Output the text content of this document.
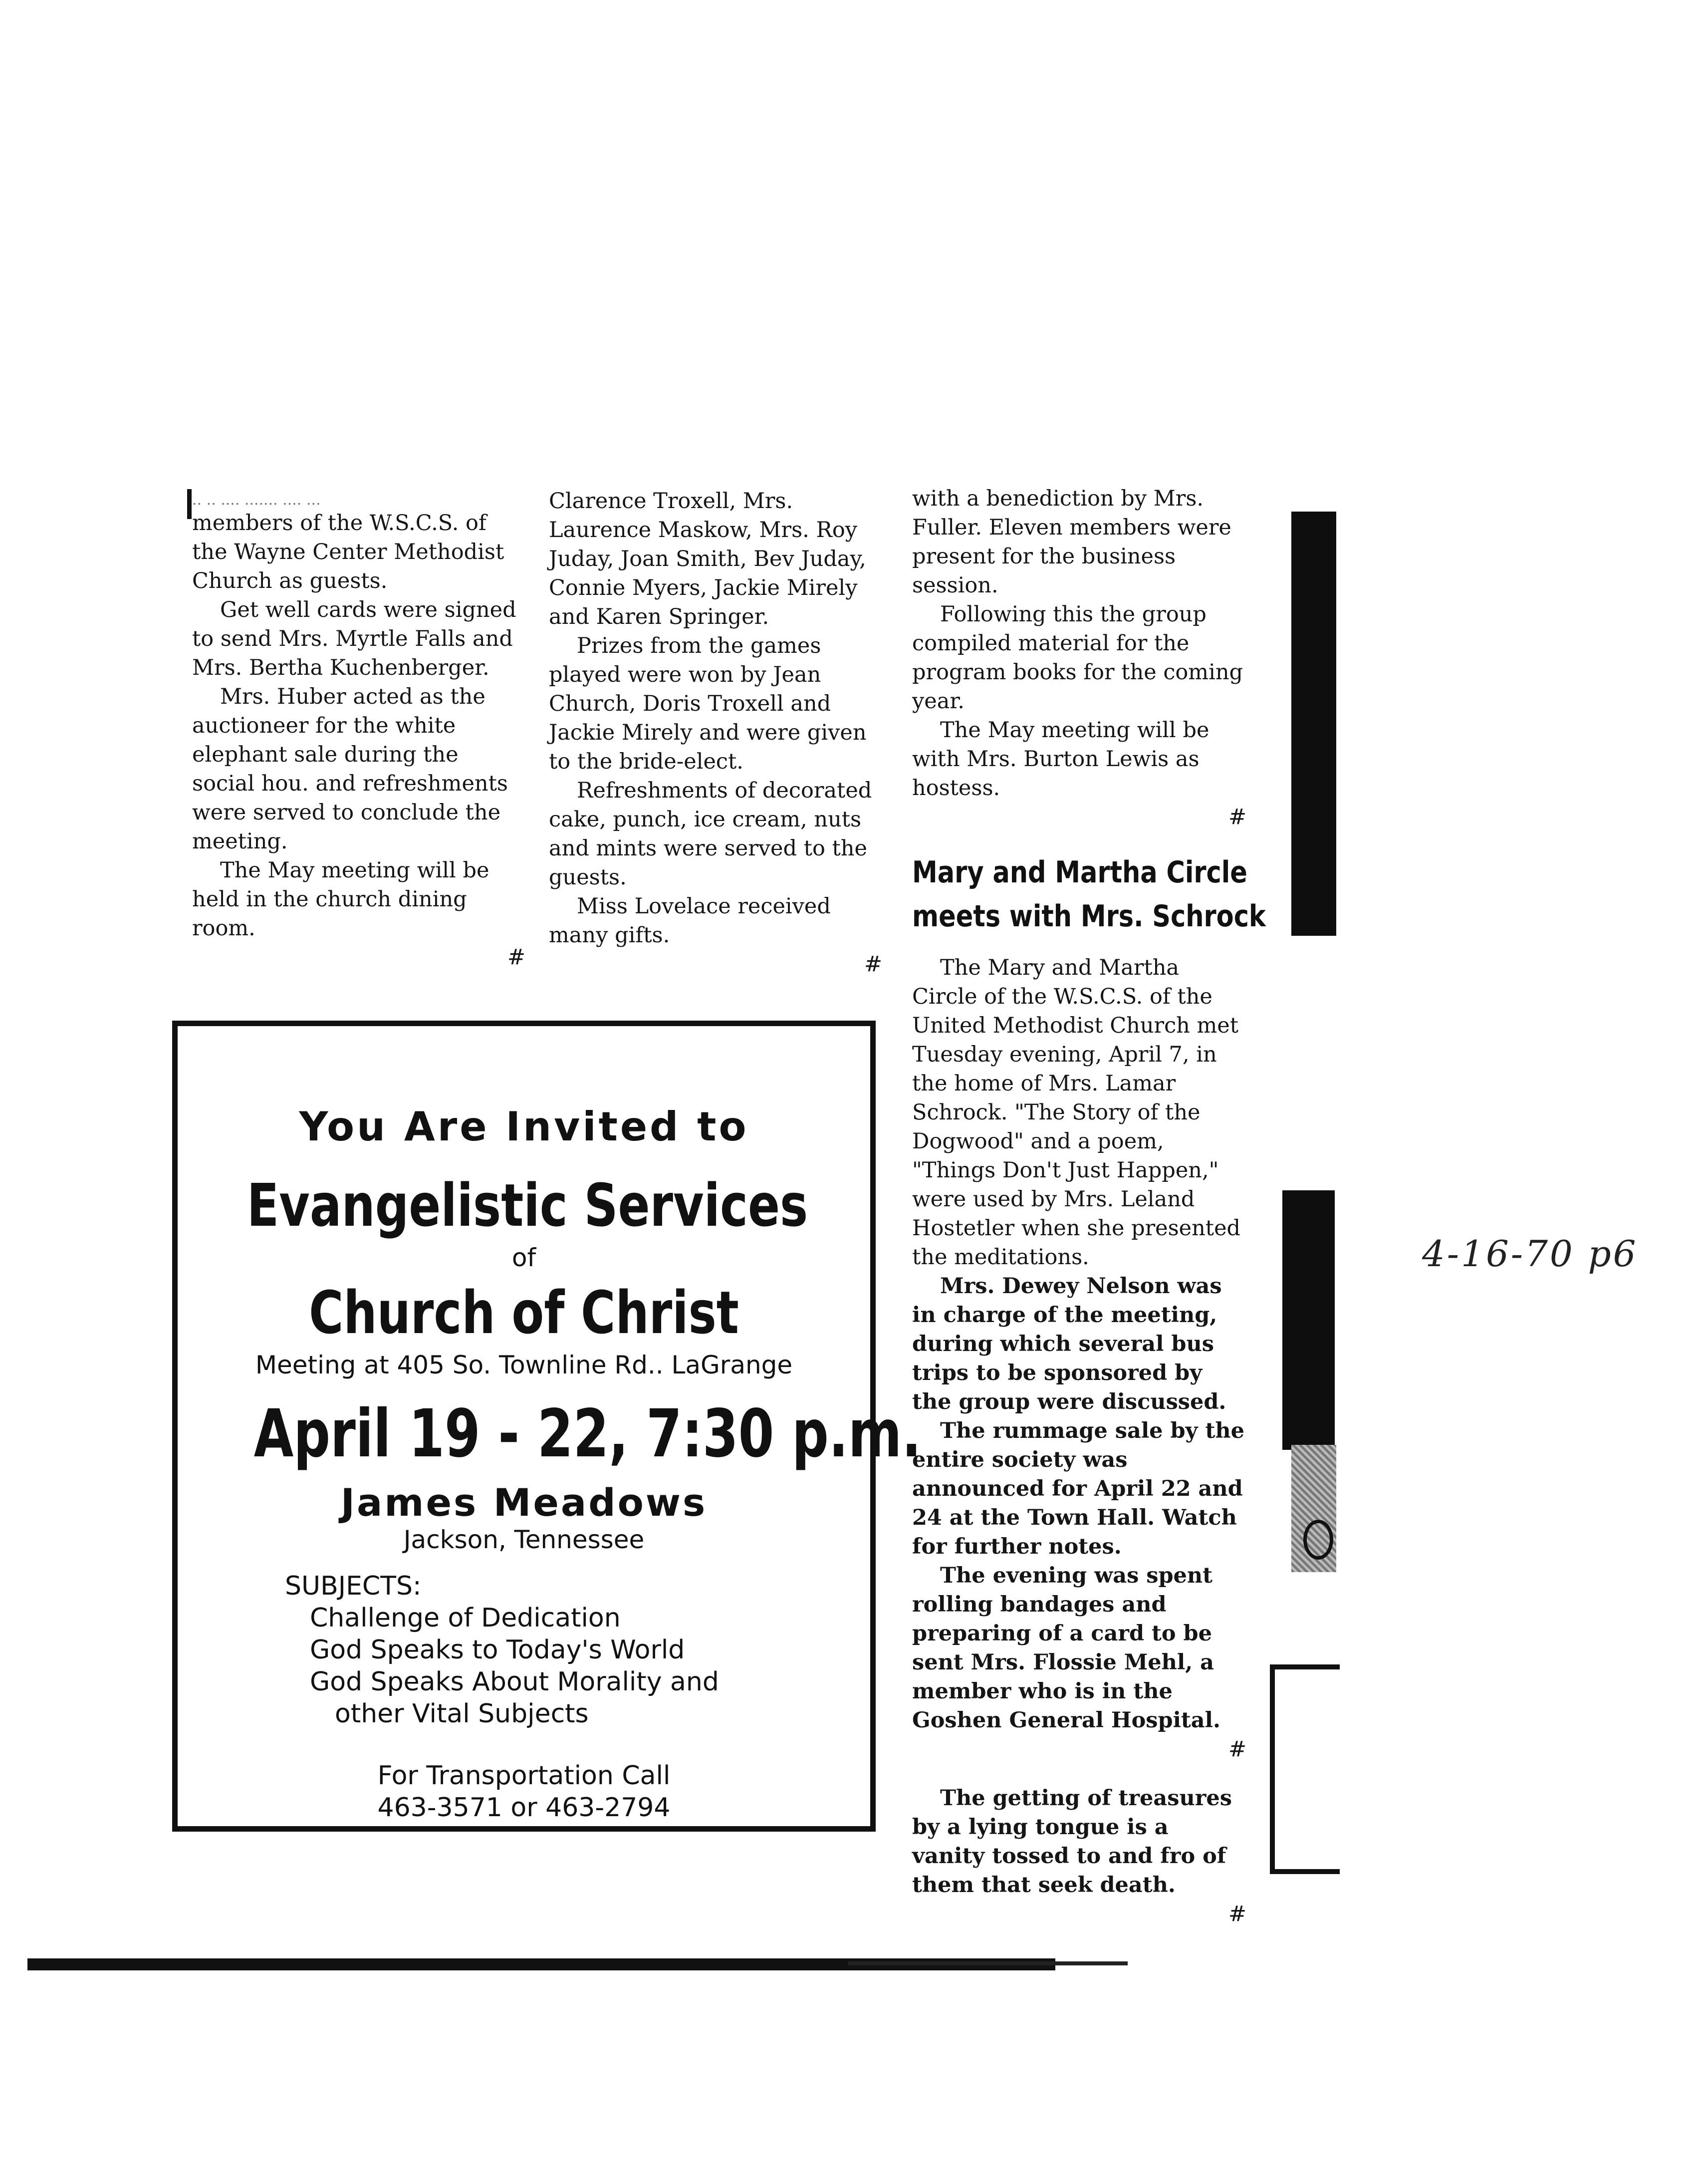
.. .. .... ....... .... ...

members of the W.S.C.S. of the Wayne Center Methodist Church as guests.

Get well cards were signed to send Mrs. Myrtle Falls and Mrs. Bertha Kuchenberger.

Mrs. Huber acted as the auctioneer for the white elephant sale during the social hou. and refreshments were served to conclude the meeting.

The May meeting will be held in the church dining room.

#

Clarence Troxell, Mrs. Laurence Maskow, Mrs. Roy Juday, Joan Smith, Bev Juday, Connie Myers, Jackie Mirely and Karen Springer.

Prizes from the games played were won by Jean Church, Doris Troxell and Jackie Mirely and were given to the bride-elect.

Refreshments of decorated cake, punch, ice cream, nuts and mints were served to the guests.

Miss Lovelace received many gifts.

#

with a benediction by Mrs. Fuller. Eleven members were present for the business session.

Following this the group compiled material for the program books for the coming year.

The May meeting will be with Mrs. Burton Lewis as hostess.

#
Mary and Martha Circle
meets with Mrs. Schrock

The Mary and Martha Circle of the W.S.C.S. of the United Methodist Church met Tuesday evening, April 7, in the home of Mrs. Lamar Schrock. "The Story of the Dogwood" and a poem, "Things Don't Just Happen," were used by Mrs. Leland Hostetler when she presented the meditations.

Mrs. Dewey Nelson was in charge of the meeting, during which several bus trips to be sponsored by the group were discussed.

The rummage sale by the entire society was announced for April 22 and 24 at the Town Hall. Watch for further notes.

The evening was spent rolling bandages and preparing of a card to be sent Mrs. Flossie Mehl, a member who is in the Goshen General Hospital.

#

The getting of treasures by a lying tongue is a vanity tossed to and fro of them that seek death.

#
You Are Invited to
Evangelistic Services
of
Church of Christ
Meeting at 405 So. Townline Rd.. LaGrange
April 19 - 22, 7:30 p.m.
James Meadows
Jackson, Tennessee
SUBJECTS:
Challenge of Dedication
God Speaks to Today's World
God Speaks About Morality and
other Vital Subjects
For Transportation Call
463-3571 or 463-2794
4-16-70 p6
